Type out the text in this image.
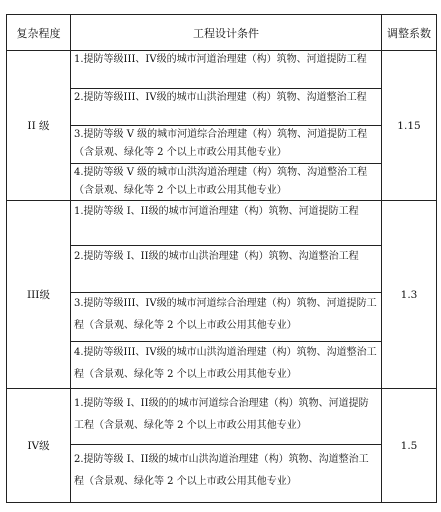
复杂程度	工程设计条件	调整系数
II 级	1.提防等级III、IV级的城市河道治理建（构）筑物、河道提防工程
2.提防等级III、IV级的城市山洪治理建（构）筑物、沟道整治工程
3.提防等级 V 级的城市河道综合治理建（构）筑物、河道提防工程（含景观、绿化等 2 个以上市政公用其他专业）
4.提防等级 V 级的城市山洪沟道治理建（构）筑物、沟道整治工程（含景观、绿化等 2 个以上市政公用其他专业）	1.15
III级	1.提防等级 I、II级的城市河道治理建（构）筑物、河道提防工程
2.提防等级 I、II级的城市山洪治理建（构）筑物、沟道整治工程
3.提防等级III、IV级的城市河道综合治理建（构）筑物、河道提防工程（含景观、绿化等 2 个以上市政公用其他专业）
4.提防等级III、IV级的城市山洪沟道治理建（构）筑物、沟道整治工程（含景观、绿化等 2 个以上市政公用其他专业）	1.3
IV级	1.提防等级 I、II级的的城市河道综合治理建（构）筑物、河道提防工程（含景观、绿化等 2 个以上市政公用其他专业）
2.提防等级 I、II级的城市山洪沟道治理建（构）筑物、沟道整治工程（含景观、绿化等 2 个以上市政公用其他专业）	1.5
